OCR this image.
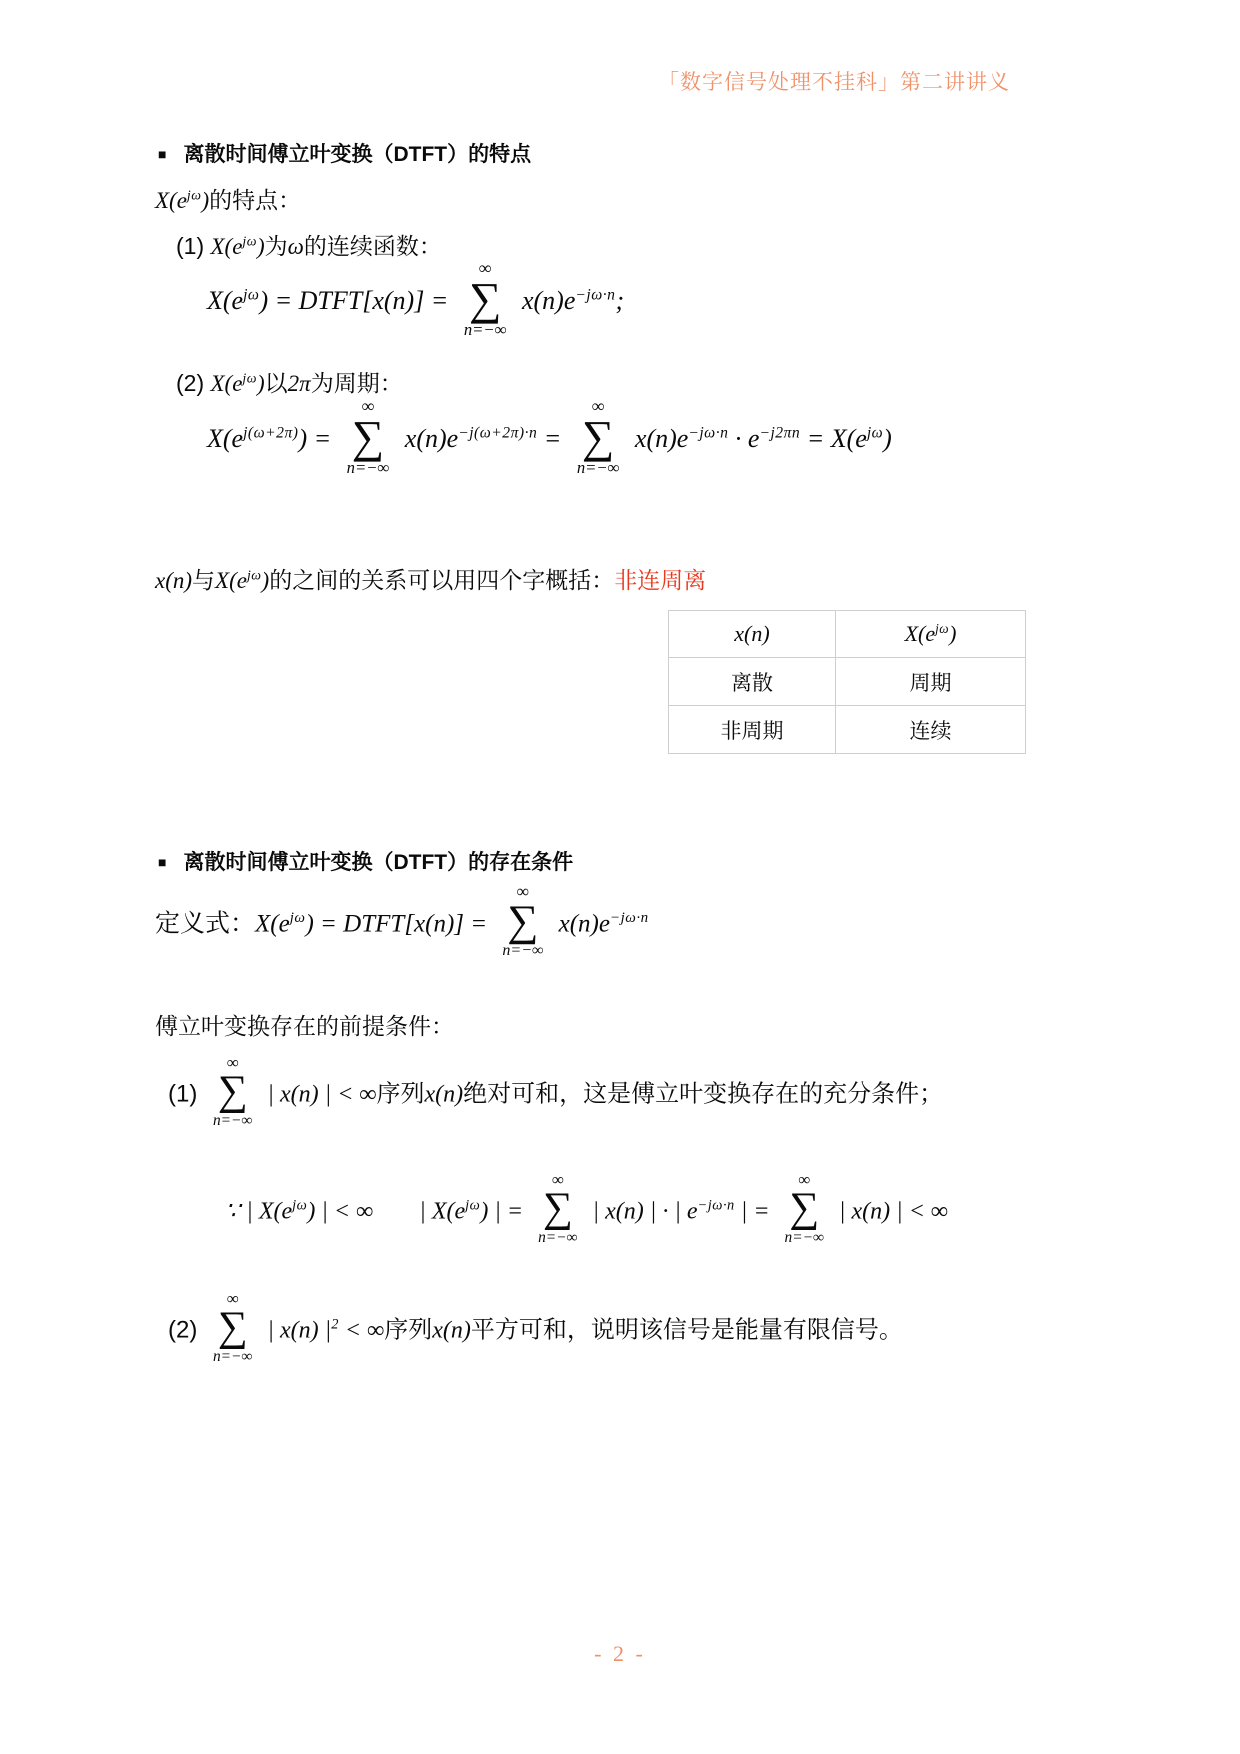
「数字信号处理不挂科」第二讲讲义
■ 离散时间傅立叶变换（DTFT）的特点
$X(e^{j\omega})$的特点：
(1) $X(e^{j\omega})$为ω的连续函数：
$X(e^{j\omega})$ = DTFT[x(n)] =
∞
∑
n=−∞
$x(n)e^{-j\omega\cdot n}$;
(2) $X(e^{j\omega})$以2π为周期：
$X(e^{j(\omega+2\pi)})$ =
∞
∑
n=−∞
$x(n)e^{-j(\omega+2\pi)\cdot n}$ =
∞
∑
n=−∞
$x(n)e^{-j\omega\cdot n} \cdot e^{-j2\pi n} = X(e^{j\omega})$
x(n)与$X(e^{j\omega})$的之间的关系可以用四个字概括：非连周离
x(n)	$X(e^{j\omega})$
离散	周期
非周期	连续
■ 离散时间傅立叶变换（DTFT）的存在条件
定义式：$X(e^{j\omega})$ = DTFT[x(n)] =
∞
∑
n=−∞
$x(n)e^{-j\omega\cdot n}$
傅立叶变换存在的前提条件：
(1)
∞
∑
n=−∞
| x(n) | < ∞序列x(n)绝对可和，这是傅立叶变换存在的充分条件；
∵ | $X(e^{j\omega})$ | < ∞ | $X(e^{j\omega})$ | =
∞
∑
n=−∞
| x(n) | · | $e^{-j\omega\cdot n}$ | =
∞
∑
n=−∞
| x(n) | < ∞
(2)
∞
∑
n=−∞
| x(n) $|^2$ < ∞序列x(n)平方可和，说明该信号是能量有限信号。
- 2 -
